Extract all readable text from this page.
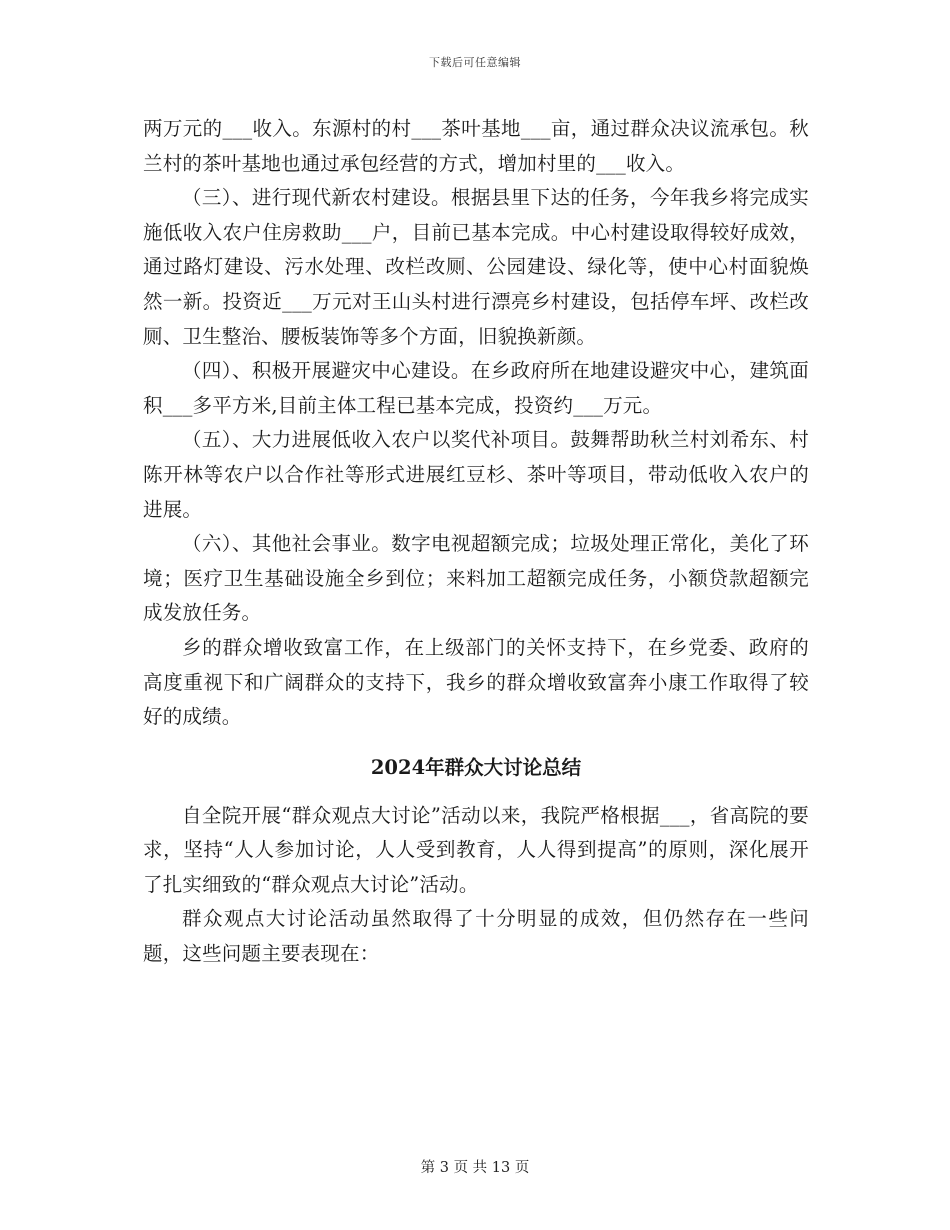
下载后可任意编辑

两万元的___收入。东源村的村___茶叶基地___亩，通过群众决议流承包。秋兰村的茶叶基地也通过承包经营的方式，增加村里的___收入。

（三）、进行现代新农村建设。根据县里下达的任务，今年我乡将完成实施低收入农户住房救助___户，目前已基本完成。中心村建设取得较好成效，通过路灯建设、污水处理、改栏改厕、公园建设、绿化等，使中心村面貌焕然一新。投资近___万元对王山头村进行漂亮乡村建设，包括停车坪、改栏改厕、卫生整治、腰板装饰等多个方面，旧貌换新颜。

（四）、积极开展避灾中心建设。在乡政府所在地建设避灾中心，建筑面积___多平方米,目前主体工程已基本完成，投资约___万元。

（五）、大力进展低收入农户以奖代补项目。鼓舞帮助秋兰村刘希东、村陈开林等农户以合作社等形式进展红豆杉、茶叶等项目，带动低收入农户的进展。

（六）、其他社会事业。数字电视超额完成；垃圾处理正常化，美化了环境；医疗卫生基础设施全乡到位；来料加工超额完成任务，小额贷款超额完成发放任务。

乡的群众增收致富工作，在上级部门的关怀支持下，在乡党委、政府的高度重视下和广阔群众的支持下，我乡的群众增收致富奔小康工作取得了较好的成绩。

2024年群众大讨论总结

自全院开展“群众观点大讨论”活动以来，我院严格根据___，省高院的要求，坚持“人人参加讨论，人人受到教育，人人得到提高”的原则，深化展开了扎实细致的“群众观点大讨论”活动。

群众观点大讨论活动虽然取得了十分明显的成效，但仍然存在一些问题，这些问题主要表现在：

第 3 页 共 13 页
